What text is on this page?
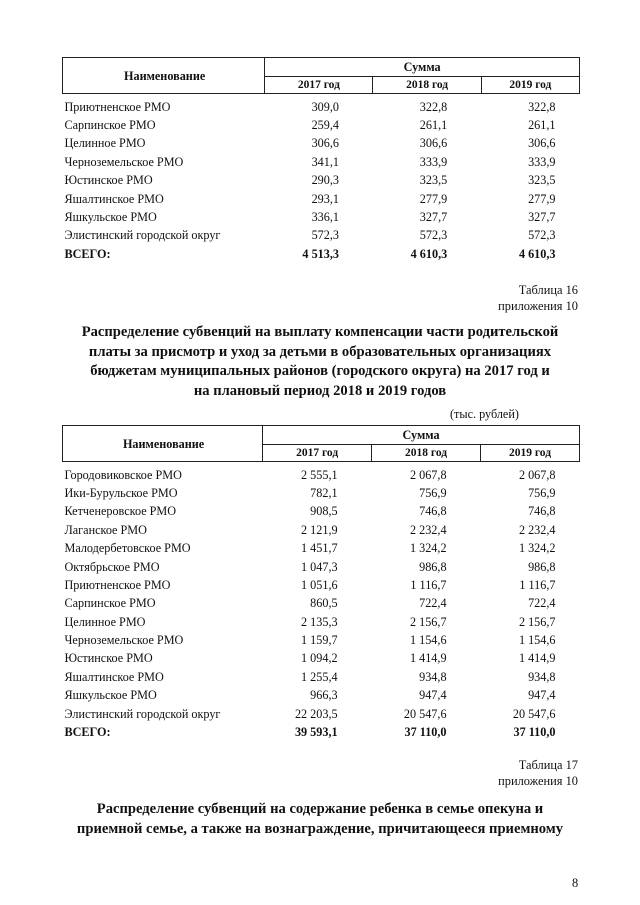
Наименование	Сумма		
	2017 год	2018 год	2019 год
Приютненское РМО	309,0	322,8	322,8
Сарпинское РМО	259,4	261,1	261,1
Целинное РМО	306,6	306,6	306,6
Черноземельское РМО	341,1	333,9	333,9
Юстинское РМО	290,3	323,5	323,5
Яшалтинское РМО	293,1	277,9	277,9
Яшкульское РМО	336,1	327,7	327,7
Элистинский городской округ	572,3	572,3	572,3
ВСЕГО:	4 513,3	4 610,3	4 610,3
Таблица 16
приложения 10
Распределение субвенций на выплату компенсации части родительской
платы за присмотр и уход за детьми в образовательных организациях
бюджетам муниципальных районов (городского округа) на 2017 год и
на плановый период 2018 и 2019 годов
(тыс. рублей)
Наименование	Сумма		
	2017 год	2018 год	2019 год
Городовиковское РМО	2 555,1	2 067,8	2 067,8
Ики-Бурульское РМО	782,1	756,9	756,9
Кетченеровское РМО	908,5	746,8	746,8
Лаганское РМО	2 121,9	2 232,4	2 232,4
Малодербетовское РМО	1 451,7	1 324,2	1 324,2
Октябрьское РМО	1 047,3	986,8	986,8
Приютненское РМО	1 051,6	1 116,7	1 116,7
Сарпинское РМО	860,5	722,4	722,4
Целинное РМО	2 135,3	2 156,7	2 156,7
Черноземельское РМО	1 159,7	1 154,6	1 154,6
Юстинское РМО	1 094,2	1 414,9	1 414,9
Яшалтинское РМО	1 255,4	934,8	934,8
Яшкульское РМО	966,3	947,4	947,4
Элистинский городской округ	22 203,5	20 547,6	20 547,6
ВСЕГО:	39 593,1	37 110,0	37 110,0
Таблица 17
приложения 10
Распределение субвенций на содержание ребенка в семье опекуна и
приемной семье, а также на вознаграждение, причитающееся приемному
8
